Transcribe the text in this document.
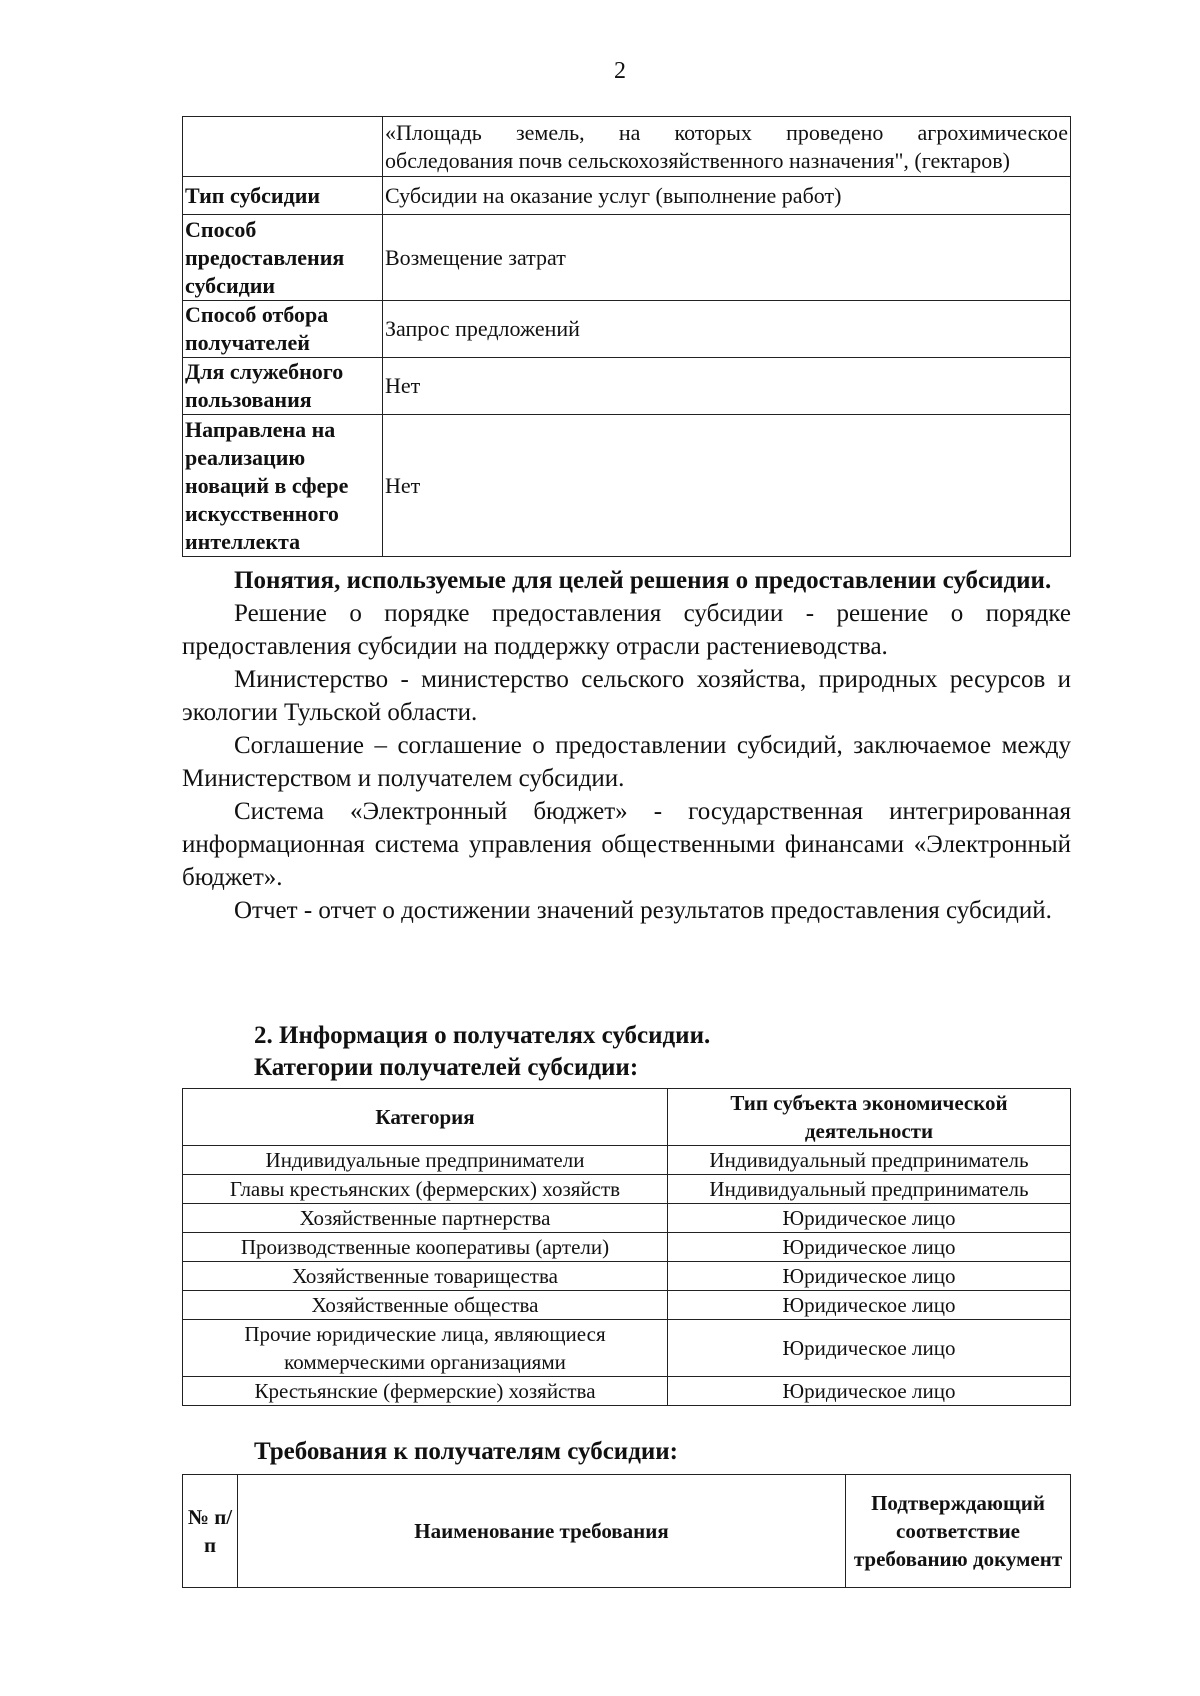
2

	«Площадь земель, на которых проведено агрохимическое
обследования почв сельскохозяйственного назначения", (гектаров)

Тип субсидии	Субсидии на оказание услуг (выполнение работ)
Способ предоставления субсидии	Возмещение затрат
Способ отбора получателей	Запрос предложений
Для служебного пользования	Нет
Направлена на реализацию новаций в сфере искусственного интеллекта	Нет

Понятия, используемые для целей решения о предоставлении субсидии.

Решение о порядке предоставления субсидии - решение о порядке предоставления субсидии на поддержку отрасли растениеводства.

Министерство - министерство сельского хозяйства, природных ресурсов и экологии Тульской области.

Соглашение – соглашение о предоставлении субсидий, заключаемое между Министерством и получателем субсидии.

Система «Электронный бюджет» - государственная интегрированная информационная система управления общественными финансами «Электронный бюджет».

Отчет - отчет о достижении значений результатов предоставления субсидий.

2. Информация о получателях субсидии.
Категории получателей субсидии:
Категория	Тип субъекта экономической деятельности
Индивидуальные предприниматели	Индивидуальный предприниматель
Главы крестьянских (фермерских) хозяйств	Индивидуальный предприниматель
Хозяйственные партнерства	Юридическое лицо
Производственные кооперативы (артели)	Юридическое лицо
Хозяйственные товарищества	Юридическое лицо
Хозяйственные общества	Юридическое лицо
Прочие юридические лица, являющиеся коммерческими организациями	Юридическое лицо
Крестьянские (фермерские) хозяйства	Юридическое лицо
Требования к получателям субсидии:
№ п/п	Наименование требования	Подтверждающий соответствие требованию документ
